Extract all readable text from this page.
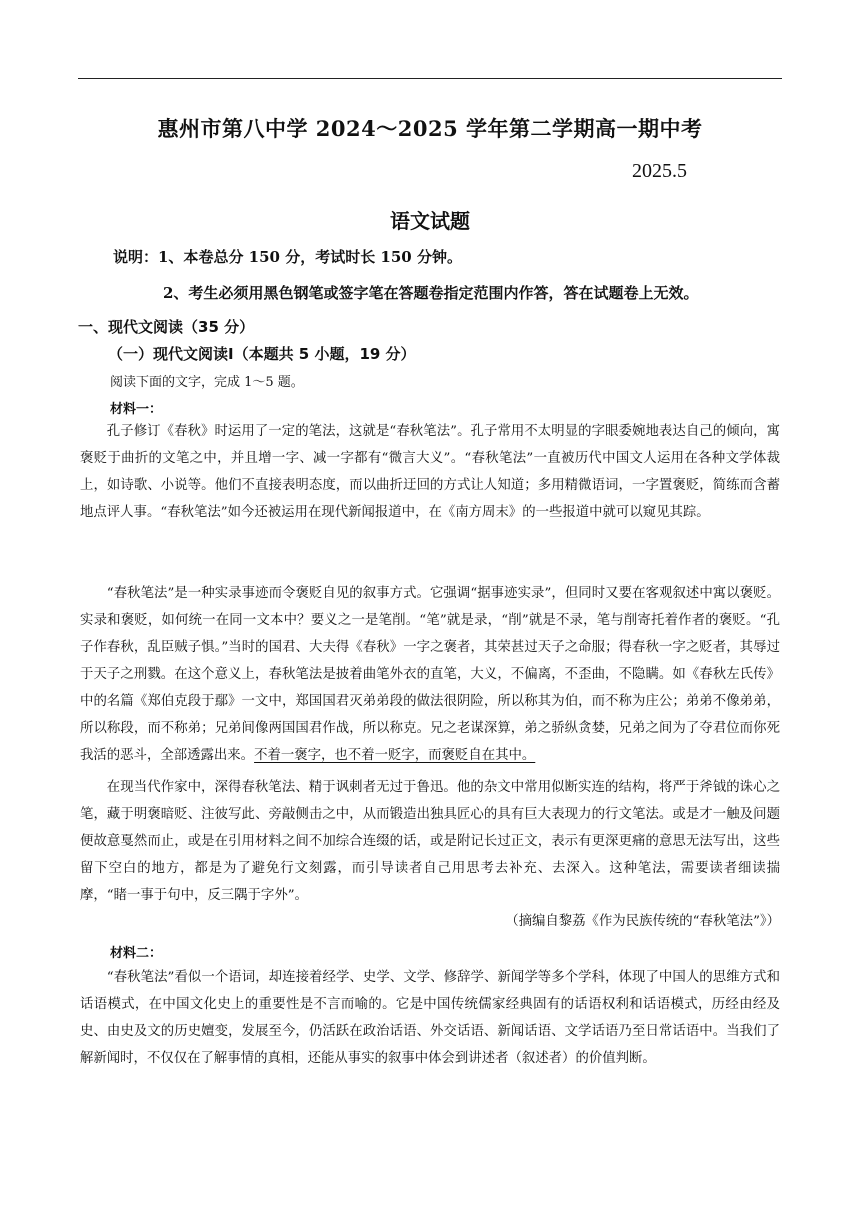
惠州市第八中学 2024～2025 学年第二学期高一期中考
2025.5
语文试题
说明：1、本卷总分 150 分，考试时长 150 分钟。
2、考生必须用黑色钢笔或签字笔在答题卷指定范围内作答，答在试题卷上无效。
一、现代文阅读（35 分）
（一）现代文阅读Ⅰ（本题共 5 小题，19 分）
阅读下面的文字，完成 1～5 题。
材料一：

孔子修订《春秋》时运用了一定的笔法，这就是“春秋笔法”。孔子常用不太明显的字眼委婉地表达自己的倾向，寓褒贬于曲折的文笔之中，并且增一字、减一字都有“微言大义”。“春秋笔法”一直被历代中国文人运用在各种文学体裁上，如诗歌、小说等。他们不直接表明态度，而以曲折迂回的方式让人知道；多用精微语词，一字置褒贬，简练而含蓄地点评人事。“春秋笔法”如今还被运用在现代新闻报道中，在《南方周末》的一些报道中就可以窥见其踪。

“春秋笔法”是一种实录事迹而令褒贬自见的叙事方式。它强调“据事迹实录”，但同时又要在客观叙述中寓以褒贬。实录和褒贬，如何统一在同一文本中？要义之一是笔削。“笔”就是录，“削”就是不录，笔与削寄托着作者的褒贬。“孔子作春秋，乱臣贼子惧。”当时的国君、大夫得《春秋》一字之褒者，其荣甚过天子之命服；得春秋一字之贬者，其辱过于天子之刑戮。在这个意义上，春秋笔法是披着曲笔外衣的直笔，大义，不偏离，不歪曲，不隐瞒。如《春秋左氏传》中的名篇《郑伯克段于鄢》一文中，郑国国君灭弟弟段的做法很阴险，所以称其为伯，而不称为庄公；弟弟不像弟弟，所以称段，而不称弟；兄弟间像两国国君作战，所以称克。兄之老谋深算，弟之骄纵贪婪，兄弟之间为了夺君位而你死我活的恶斗，全部透露出来。不着一褒字，也不着一贬字，而褒贬自在其中。

在现当代作家中，深得春秋笔法、精于讽刺者无过于鲁迅。他的杂文中常用似断实连的结构，将严于斧钺的诛心之笔，藏于明褒暗贬、注彼写此、旁敲侧击之中，从而锻造出独具匠心的具有巨大表现力的行文笔法。或是才一触及问题便故意戛然而止，或是在引用材料之间不加综合连缀的话，或是附记长过正文，表示有更深更痛的意思无法写出，这些留下空白的地方，都是为了避免行文刻露，而引导读者自己用思考去补充、去深入。这种笔法，需要读者细读揣摩，“睹一事于句中，反三隅于字外”。

（摘编自黎荔《作为民族传统的“春秋笔法”》）
材料二：

“春秋笔法”看似一个语词，却连接着经学、史学、文学、修辞学、新闻学等多个学科，体现了中国人的思维方式和话语模式，在中国文化史上的重要性是不言而喻的。它是中国传统儒家经典固有的话语权利和话语模式，历经由经及史、由史及文的历史嬗变，发展至今，仍活跃在政治话语、外交话语、新闻话语、文学话语乃至日常话语中。当我们了解新闻时，不仅仅在了解事情的真相，还能从事实的叙事中体会到讲述者（叙述者）的价值判断。
